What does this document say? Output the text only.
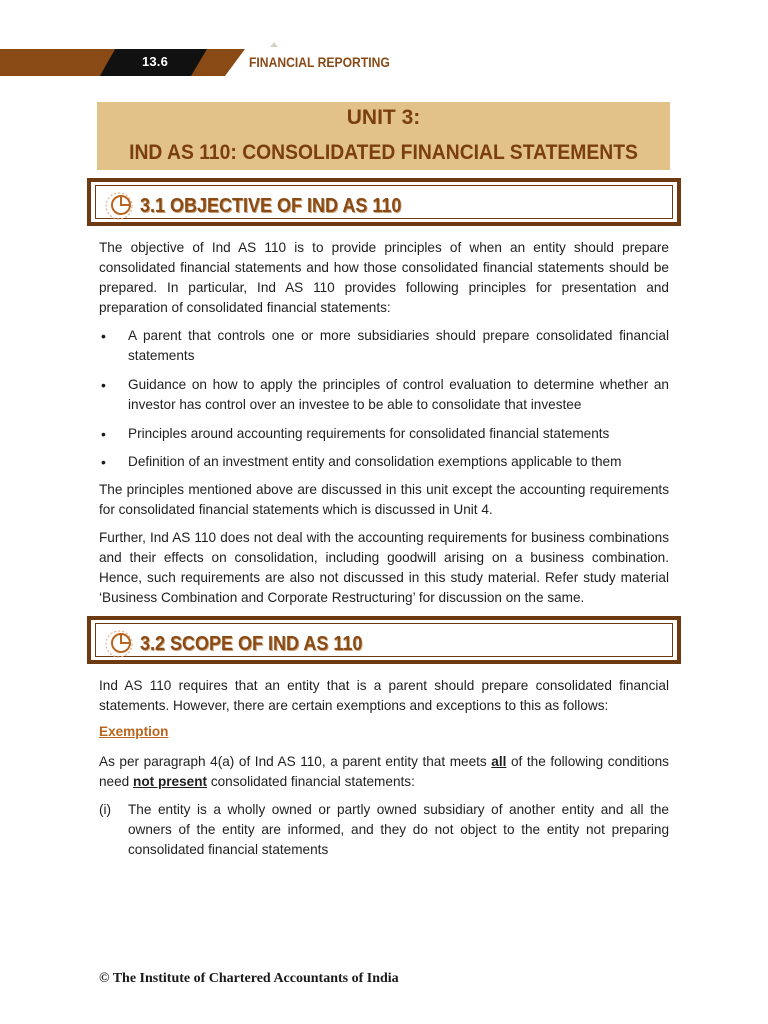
13.6	FINANCIAL REPORTING
UNIT 3:
IND AS 110: CONSOLIDATED FINANCIAL STATEMENTS
3.1 OBJECTIVE OF IND AS 110
The objective of Ind AS 110 is to provide principles of when an entity should prepare consolidated financial statements and how those consolidated financial statements should be prepared. In particular, Ind AS 110 provides following principles for presentation and preparation of consolidated financial statements:
• A parent that controls one or more subsidiaries should prepare consolidated financial statements
• Guidance on how to apply the principles of control evaluation to determine whether an investor has control over an investee to be able to consolidate that investee
• Principles around accounting requirements for consolidated financial statements
• Definition of an investment entity and consolidation exemptions applicable to them
The principles mentioned above are discussed in this unit except the accounting requirements for consolidated financial statements which is discussed in Unit 4.
Further, Ind AS 110 does not deal with the accounting requirements for business combinations and their effects on consolidation, including goodwill arising on a business combination. Hence, such requirements are also not discussed in this study material. Refer study material ‘Business Combination and Corporate Restructuring’ for discussion on the same.
3.2 SCOPE OF IND AS 110
Ind AS 110 requires that an entity that is a parent should prepare consolidated financial statements. However, there are certain exemptions and exceptions to this as follows:
Exemption
As per paragraph 4(a) of Ind AS 110, a parent entity that meets all of the following conditions need not present consolidated financial statements:
(i) The entity is a wholly owned or partly owned subsidiary of another entity and all the owners of the entity are informed, and they do not object to the entity not preparing consolidated financial statements
© The Institute of Chartered Accountants of India
